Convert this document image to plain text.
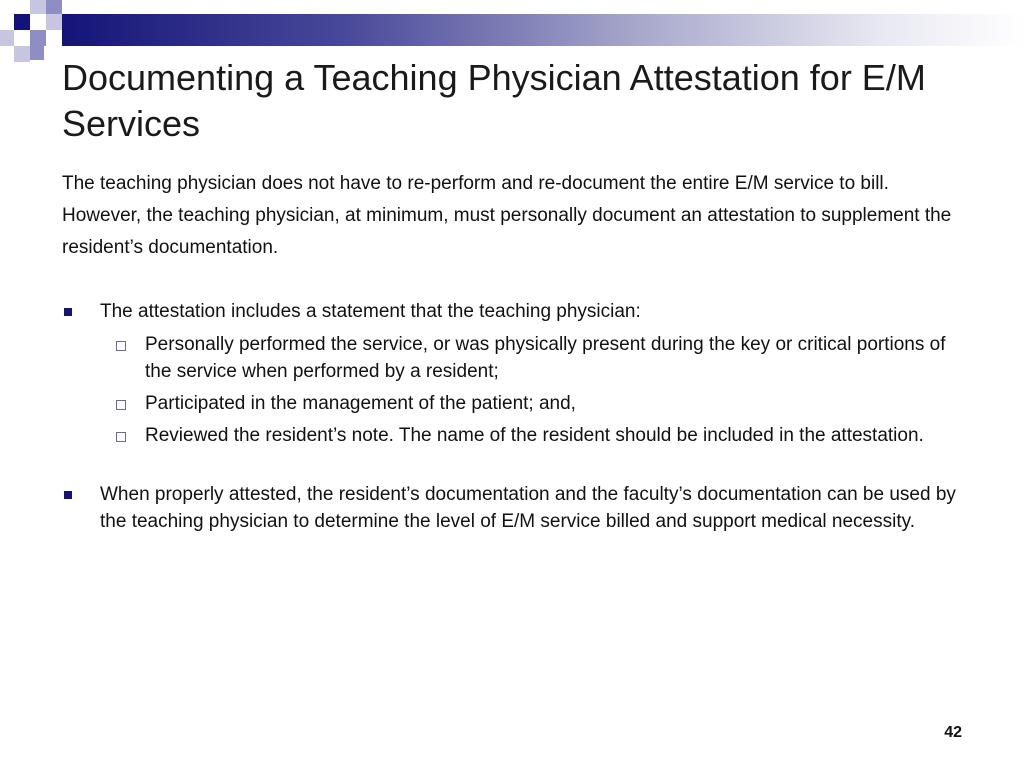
Documenting a Teaching Physician Attestation for E/M Services

The teaching physician does not have to re-perform and re-document the entire E/M service to bill. However, the teaching physician, at minimum, must personally document an attestation to supplement the resident’s documentation.

The attestation includes a statement that the teaching physician:
Personally performed the service, or was physically present during the key or critical portions of the service when performed by a resident;
Participated in the management of the patient; and,
Reviewed the resident’s note. The name of the resident should be included in the attestation.
When properly attested, the resident’s documentation and the faculty’s documentation can be used by the teaching physician to determine the level of E/M service billed and support medical necessity.
42
